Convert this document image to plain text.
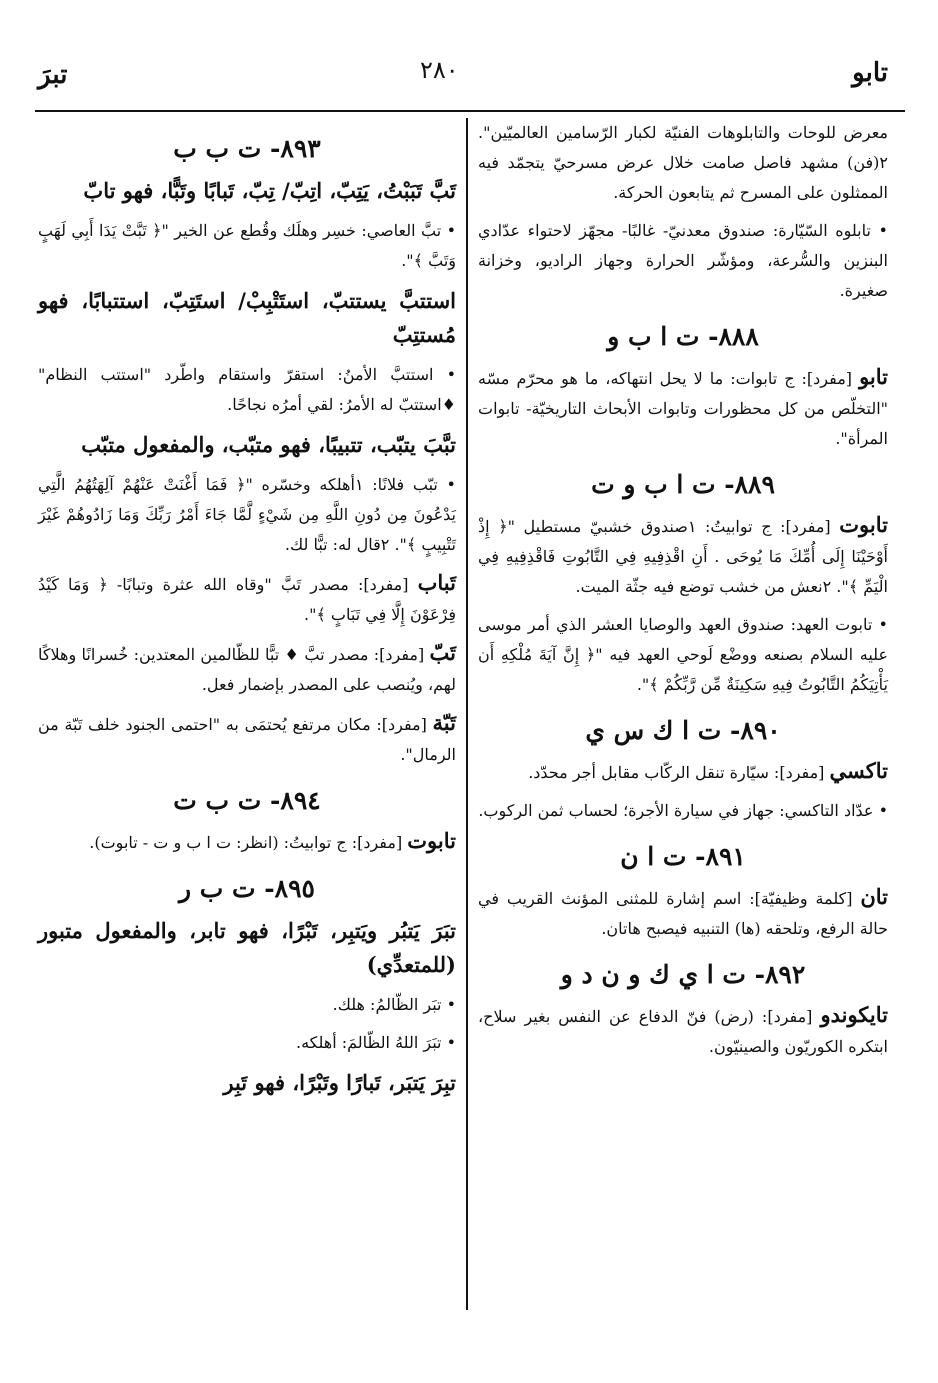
تابو
٢٨٠
تبرَ

معرض للوحات والتابلوهات الفنيّة لكبار الرّسامين العالميّين". ٢(فن) مشهد فاصل صامت خلال عرض مسرحيّ يتجمّد فيه الممثلون على المسرح ثم يتابعون الحركة.

• تابلوه السّيّارة: صندوق معدنيّ- غالبًا- مجهّز لاحتواء عدّادي البنزين والسُّرعة، ومؤشّر الحرارة وجهاز الراديو، وخزانة صغيرة.

٨٨٨- ت ا ب و

تابو [مفرد]: ج تابوات: ما لا يحل انتهاكه، ما هو محرّم مسّه "التخلّص من كل محظورات وتابوات الأبحاث التاريخيّة- تابوات المرأة".

٨٨٩- ت ا ب و ت

تابوت [مفرد]: ج توابيتُ: ١صندوق خشبيّ مستطيل "﴿ إِذْ أَوْحَيْنَا إِلَى أُمِّكَ مَا يُوحَى . أَنِ اقْذِفِيهِ فِي التَّابُوتِ فَاقْذِفِيهِ فِي الْيَمِّ ﴾". ٢نعش من خشب توضع فيه جثّة الميت.

• تابوت العهد: صندوق العهد والوصايا العشر الذي أمر موسى عليه السلام بصنعه ووضْع لَوحي العهد فيه "﴿ إِنَّ آيَةَ مُلْكِهِ أَن يَأْتِيَكُمُ التَّابُوتُ فِيهِ سَكِينَةٌ مِّن رَّبِّكُمْ ﴾".

٨٩٠- ت ا ك س ي

تاكسي [مفرد]: سيّارة تنقل الركّاب مقابل أجر محدّد.

• عدّاد التاكسي: جهاز في سيارة الأجرة؛ لحساب ثمن الركوب.

٨٩١- ت ا ن

تان [كلمة وظيفيّة]: اسم إشارة للمثنى المؤنث القريب في حالة الرفع، وتلحقه (ها) التنبيه فيصبح هاتان.

٨٩٢- ت ا ي ك و ن د و

تايكوندو [مفرد]: (رض) فنّ الدفاع عن النفس بغير سلاح، ابتكره الكوريّون والصينيّون.

٨٩٣- ت ب ب

تَبَّ تَبَبْتُ، يَتِبّ، اتِبّ/ تِبّ، تَبابًا وتَبًّا، فهو تابّ

• تبَّ العاصي: خسِر وهلَك وقُطع عن الخير "﴿ تَبَّتْ يَدَا أَبِي لَهَبٍ وَتَبَّ ﴾".

استتبَّ يستتبّ، استَتْبِبْ/ استَتِبّ، استتبابًا، فهو مُستتِبّ

• استتبَّ الأمنُ: استقرّ واستقام واطّرد "استتب النظام" ♦استتبّ له الأمرُ: لقي أمرُه نجاحًا.

تبَّبَ يتبّب، تتبيبًا، فهو متبّب، والمفعول متبّب

• تبّب فلانًا: ١أهلكه وخسّره "﴿ فَمَا أَغْنَتْ عَنْهُمْ آلِهَتُهُمُ الَّتِي يَدْعُونَ مِن دُونِ اللَّهِ مِن شَيْءٍ لَّمَّا جَاءَ أَمْرُ رَبِّكَ وَمَا زَادُوهُمْ غَيْرَ تَتْبِيبٍ ﴾". ٢قال له: تبًّا لك.

تَباب [مفرد]: مصدر تَبَّ "وقاه الله عثرة وتبابًا- ﴿ وَمَا كَيْدُ فِرْعَوْنَ إِلَّا فِي تَبَابٍ ﴾".

تَبّ [مفرد]: مصدر تبَّ ♦ تبًّا للظّالمين المعتدين: خُسرانًا وهلاكًا لهم، ويُنصب على المصدر بإضمار فعل.

تَبّة [مفرد]: مكان مرتفع يُحتمَى به "احتمى الجنود خلف تَبّة من الرمال".

٨٩٤- ت ب ت

تابوت [مفرد]: ج توابيتُ: (انظر: ت ا ب و ت - تابوت).

٨٩٥- ت ب ر

تبَرَ يَتبُر ويَتبِر، تَبْرًا، فهو تابر، والمفعول متبور (للمتعدِّي)

• تبَر الظّالمُ: هلك.

• تبَرَ اللهُ الظّالمَ: أهلكه.

تبِرَ يَتبَر، تَبارًا وتَبْرًا، فهو تَبِر
